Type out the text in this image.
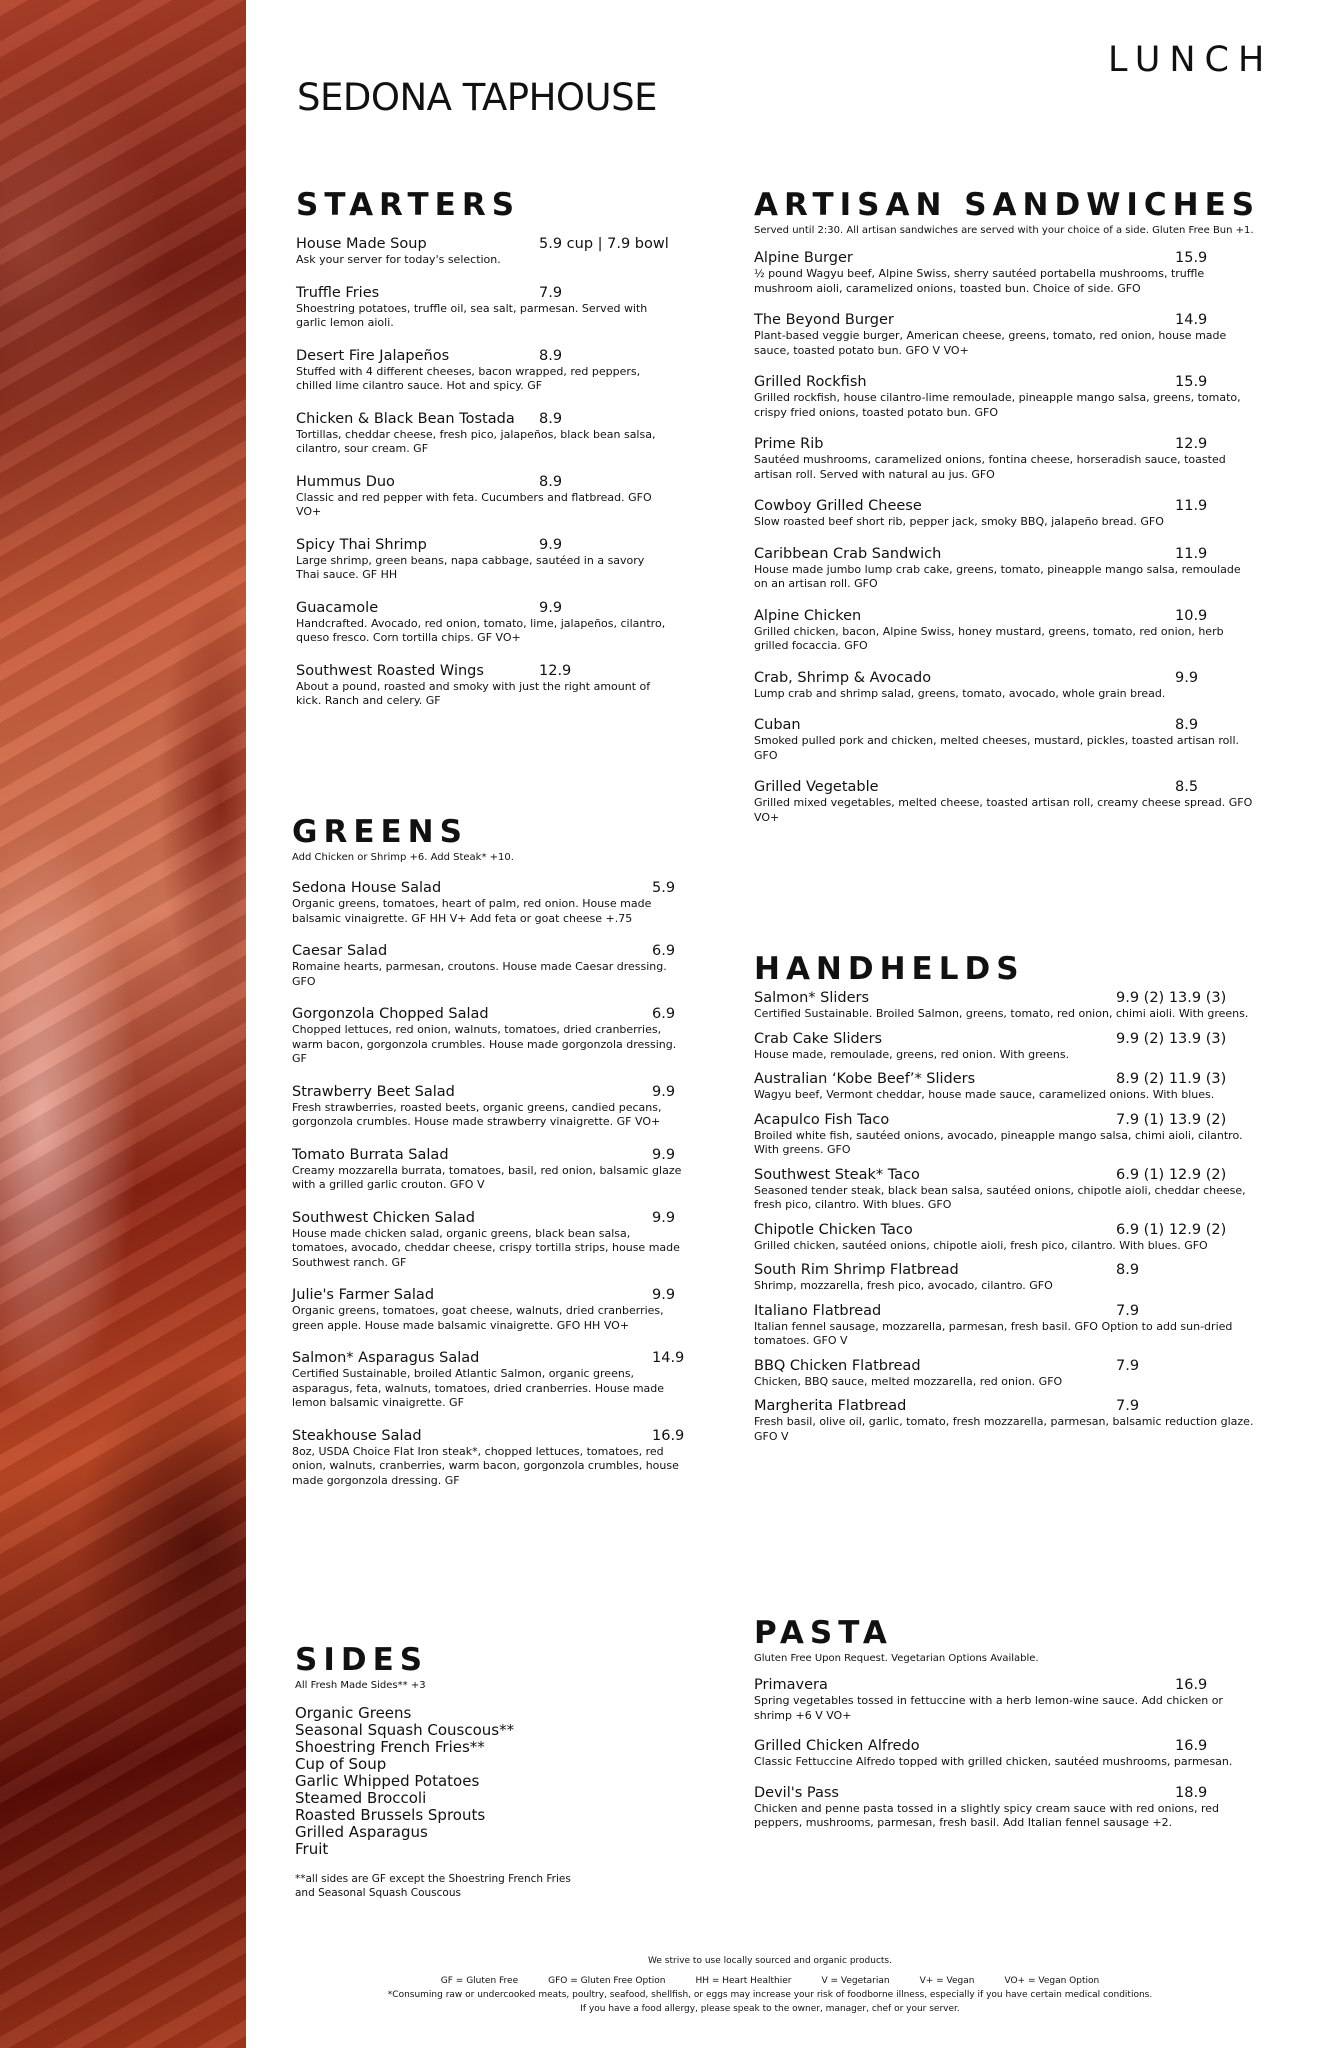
SEDONA TAPHOUSE
LUNCH
STARTERS
House Made Soup	5.9 cup | 7.9 bowl
Ask your server for today's selection.
Truffle Fries	7.9
Shoestring potatoes, truffle oil, sea salt, parmesan. Served with garlic lemon aioli.
Desert Fire Jalapeños	8.9
Stuffed with 4 different cheeses, bacon wrapped, red peppers, chilled lime cilantro sauce. Hot and spicy. GF
Chicken & Black Bean Tostada	8.9
Tortillas, cheddar cheese, fresh pico, jalapeños, black bean salsa, cilantro, sour cream. GF
Hummus Duo	8.9
Classic and red pepper with feta. Cucumbers and flatbread. GFO VO+
Spicy Thai Shrimp	9.9
Large shrimp, green beans, napa cabbage, sautéed in a savory Thai sauce. GF HH
Guacamole	9.9
Handcrafted. Avocado, red onion, tomato, lime, jalapeños, cilantro, queso fresco. Corn tortilla chips. GF VO+
Southwest Roasted Wings	12.9
About a pound, roasted and smoky with just the right amount of kick. Ranch and celery. GF
GREENS
Add Chicken or Shrimp +6. Add Steak* +10.
Sedona House Salad	5.9
Organic greens, tomatoes, heart of palm, red onion. House made balsamic vinaigrette. GF HH V+ Add feta or goat cheese +.75
Caesar Salad	6.9
Romaine hearts, parmesan, croutons. House made Caesar dressing. GFO
Gorgonzola Chopped Salad	6.9
Chopped lettuces, red onion, walnuts, tomatoes, dried cranberries, warm bacon, gorgonzola crumbles. House made gorgonzola dressing. GF
Strawberry Beet Salad	9.9
Fresh strawberries, roasted beets, organic greens, candied pecans, gorgonzola crumbles. House made strawberry vinaigrette. GF VO+
Tomato Burrata Salad	9.9
Creamy mozzarella burrata, tomatoes, basil, red onion, balsamic glaze with a grilled garlic crouton. GFO V
Southwest Chicken Salad	9.9
House made chicken salad, organic greens, black bean salsa, tomatoes, avocado, cheddar cheese, crispy tortilla strips, house made Southwest ranch. GF
Julie's Farmer Salad	9.9
Organic greens, tomatoes, goat cheese, walnuts, dried cranberries, green apple. House made balsamic vinaigrette. GFO HH VO+
Salmon* Asparagus Salad	14.9
Certified Sustainable, broiled Atlantic Salmon, organic greens, asparagus, feta, walnuts, tomatoes, dried cranberries. House made lemon balsamic vinaigrette. GF
Steakhouse Salad	16.9
8oz, USDA Choice Flat Iron steak*, chopped lettuces, tomatoes, red onion, walnuts, cranberries, warm bacon, gorgonzola crumbles, house made gorgonzola dressing. GF
SIDES
All Fresh Made Sides** +3
Organic Greens
Seasonal Squash Couscous**
Shoestring French Fries**
Cup of Soup
Garlic Whipped Potatoes
Steamed Broccoli
Roasted Brussels Sprouts
Grilled Asparagus
Fruit
**all sides are GF except the Shoestring French Fries and Seasonal Squash Couscous
ARTISAN SANDWICHES
Served until 2:30. All artisan sandwiches are served with your choice of a side. Gluten Free Bun +1.
Alpine Burger	15.9
½ pound Wagyu beef, Alpine Swiss, sherry sautéed portabella mushrooms, truffle mushroom aioli, caramelized onions, toasted bun. Choice of side. GFO
The Beyond Burger	14.9
Plant-based veggie burger, American cheese, greens, tomato, red onion, house made sauce, toasted potato bun. GFO V VO+
Grilled Rockfish	15.9
Grilled rockfish, house cilantro-lime remoulade, pineapple mango salsa, greens, tomato, crispy fried onions, toasted potato bun. GFO
Prime Rib	12.9
Sautéed mushrooms, caramelized onions, fontina cheese, horseradish sauce, toasted artisan roll. Served with natural au jus. GFO
Cowboy Grilled Cheese	11.9
Slow roasted beef short rib, pepper jack, smoky BBQ, jalapeño bread. GFO
Caribbean Crab Sandwich	11.9
House made jumbo lump crab cake, greens, tomato, pineapple mango salsa, remoulade on an artisan roll. GFO
Alpine Chicken	10.9
Grilled chicken, bacon, Alpine Swiss, honey mustard, greens, tomato, red onion, herb grilled focaccia. GFO
Crab, Shrimp & Avocado	9.9
Lump crab and shrimp salad, greens, tomato, avocado, whole grain bread.
Cuban	8.9
Smoked pulled pork and chicken, melted cheeses, mustard, pickles, toasted artisan roll. GFO
Grilled Vegetable	8.5
Grilled mixed vegetables, melted cheese, toasted artisan roll, creamy cheese spread. GFO VO+
HANDHELDS
Salmon* Sliders	9.9 (2) 13.9 (3)
Certified Sustainable. Broiled Salmon, greens, tomato, red onion, chimi aioli. With greens.
Crab Cake Sliders	9.9 (2) 13.9 (3)
House made, remoulade, greens, red onion. With greens.
Australian ‘Kobe Beef’* Sliders	8.9 (2) 11.9 (3)
Wagyu beef, Vermont cheddar, house made sauce, caramelized onions. With blues.
Acapulco Fish Taco	7.9 (1) 13.9 (2)
Broiled white fish, sautéed onions, avocado, pineapple mango salsa, chimi aioli, cilantro. With greens. GFO
Southwest Steak* Taco	6.9 (1) 12.9 (2)
Seasoned tender steak, black bean salsa, sautéed onions, chipotle aioli, cheddar cheese, fresh pico, cilantro. With blues. GFO
Chipotle Chicken Taco	6.9 (1) 12.9 (2)
Grilled chicken, sautéed onions, chipotle aioli, fresh pico, cilantro. With blues. GFO
South Rim Shrimp Flatbread	8.9
Shrimp, mozzarella, fresh pico, avocado, cilantro. GFO
Italiano Flatbread	7.9
Italian fennel sausage, mozzarella, parmesan, fresh basil. GFO Option to add sun-dried tomatoes. GFO V
BBQ Chicken Flatbread	7.9
Chicken, BBQ sauce, melted mozzarella, red onion. GFO
Margherita Flatbread	7.9
Fresh basil, olive oil, garlic, tomato, fresh mozzarella, parmesan, balsamic reduction glaze. GFO V
PASTA
Gluten Free Upon Request. Vegetarian Options Available.
Primavera	16.9
Spring vegetables tossed in fettuccine with a herb lemon-wine sauce. Add chicken or shrimp +6 V VO+
Grilled Chicken Alfredo	16.9
Classic Fettuccine Alfredo topped with grilled chicken, sautéed mushrooms, parmesan.
Devil's Pass	18.9
Chicken and penne pasta tossed in a slightly spicy cream sauce with red onions, red peppers, mushrooms, parmesan, fresh basil. Add Italian fennel sausage +2.
We strive to use locally sourced and organic products.
GF = Gluten Free	GFO = Gluten Free Option	HH = Heart Healthier	V = Vegetarian	V+ = Vegan	VO+ = Vegan Option
*Consuming raw or undercooked meats, poultry, seafood, shellfish, or eggs may increase your risk of foodborne illness, especially if you have certain medical conditions.
If you have a food allergy, please speak to the owner, manager, chef or your server.
